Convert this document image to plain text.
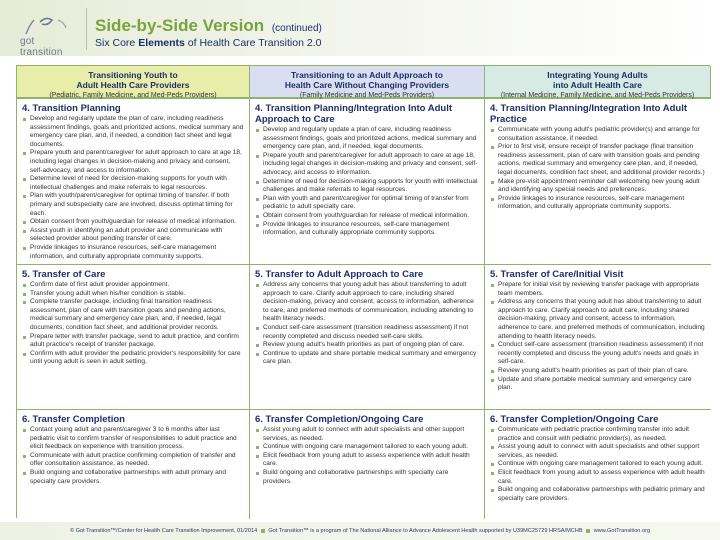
got transition
Side-by-Side Version (continued)
Six Core Elements of Health Care Transition 2.0
Transitioning Youth to
Adult Health Care Providers
(Pediatric, Family Medicine, and Med-Peds Providers)
Transitioning to an Adult Approach to
Health Care Without Changing Providers
(Family Medicine and Med-Peds Providers)
Integrating Young Adults
into Adult Health Care
(Internal Medicine, Family Medicine, and Med-Peds Providers)
4. Transition Planning
Develop and regularly update the plan of care, including readiness assessment findings, goals and prioritized actions, medical summary and emergency care plan, and, if needed, a condition fact sheet and legal documents.
Prepare youth and parent/caregiver for adult approach to care at age 18, including legal changes in decision-making and privacy and consent, self-advocacy, and access to information.
Determine level of need for decision-making supports for youth with intellectual challenges and make referrals to legal resources.
Plan with youth/parent/caregiver for optimal timing of transfer. If both primary and subspecialty care are involved, discuss optimal timing for each.
Obtain consent from youth/guardian for release of medical information.
Assist youth in identifying an adult provider and communicate with selected provider about pending transfer of care.
Provide linkages to insurance resources, self-care management information, and culturally appropriate community supports.
4. Transition Planning/Integration Into Adult Approach to Care
Develop and regularly update a plan of care, including readiness assessment findings, goals and prioritized actions, medical summary and emergency care plan, and, if needed, legal documents.
Prepare youth and parent/caregiver for adult approach to care at age 18, including legal changes in decision-making and privacy and consent, self-advocacy, and access to information.
Determine of need for decision-making supports for youth with intellectual challenges and make referrals to legal resources.
Plan with youth and parent/caregiver for optimal timing of transfer from pediatric to adult specialty care.
Obtain consent from youth/guardian for release of medical information.
Provide linkages to insurance resources, self-care management information, and culturally appropriate community supports.
4. Transition Planning/Integration Into Adult Practice
Communicate with young adult's pediatric provider(s) and arrange for consultation assistance, if needed.
Prior to first visit, ensure receipt of transfer package (final transition readiness assessment, plan of care with transition goals and pending actions, medical summary and emergency care plan, and, if needed, legal documents, condition fact sheet, and additional provider records.)
Make pre-visit appointment reminder call welcoming new young adult and identifying any special needs and preferences.
Provide linkages to insurance resources, self-care management information, and culturally appropriate community supports.
5. Transfer of Care
Confirm date of first adult provider appointment.
Transfer young adult when his/her condition is stable.
Complete transfer package, including final transition readiness assessment, plan of care with transition goals and pending actions, medical summary and emergency care plan, and, if needed, legal documents, condition fact sheet, and additional provider records.
Prepare letter with transfer package, send to adult practice, and confirm adult practice's receipt of transfer package.
Confirm with adult provider the pediatric provider's responsibility for care until young adult is seen in adult setting.
5. Transfer to Adult Approach to Care
Address any concerns that young adult has about transferring to adult approach to care. Clarify adult approach to care, including shared decision-making, privacy and consent, access to information, adherence to care, and preferred methods of communication, including attending to health literacy needs.
Conduct self-care assessment (transition readiness assessment) if not recently completed and discuss needed self-care skills.
Review young adult's health priorities as part of ongoing plan of care.
Continue to update and share portable medical summary and emergency care plan.
5. Transfer of Care/Initial Visit
Prepare for initial visit by reviewing transfer package with appropriate team members.
Address any concerns that young adult has about transferring to adult approach to care. Clarify approach to adult care, including shared decision-making, privacy and consent, access to information, adherence to care, and preferred methods of communication, including attending to health literacy needs.
Conduct self-care assessment (transition readiness assessment) if not recently completed and discuss the young adult's needs and goals in self-care.
Review young adult's health priorities as part of their plan of care.
Update and share portable medical summary and emergency care plan.
6. Transfer Completion
Contact young adult and parent/caregiver 3 to 6 months after last pediatric visit to confirm transfer of responsibilities to adult practice and elicit feedback on experience with transition process.
Communicate with adult practice confirming completion of transfer and offer consultation assistance, as needed.
Build ongoing and collaborative partnerships with adult primary and specialty care providers.
6. Transfer Completion/Ongoing Care
Assist young adult to connect with adult specialists and other support services, as needed.
Continue with ongoing care management tailored to each young adult.
Elicit feedback from young adult to assess experience with adult health care.
Build ongoing and collaborative partnerships with specialty care providers.
6. Transfer Completion/Ongoing Care
Communicate with pediatric practice confirming transfer into adult practice and consult with pediatric provider(s), as needed.
Assist young adult to connect with adult specialists and other support services, as needed.
Continue with ongoing care management tailored to each young adult.
Elicit feedback from young adult to assess experience with adult health care.
Build ongoing and collaborative partnerships with pediatric primary and specialty care providers.
© Got Transition™/Center for Health Care Transition Improvement, 01/2014 Got Transition™ is a program of The National Alliance to Advance Adolescent Health supported by U39MC25729 HRSA/MCHB www.GotTransition.org
